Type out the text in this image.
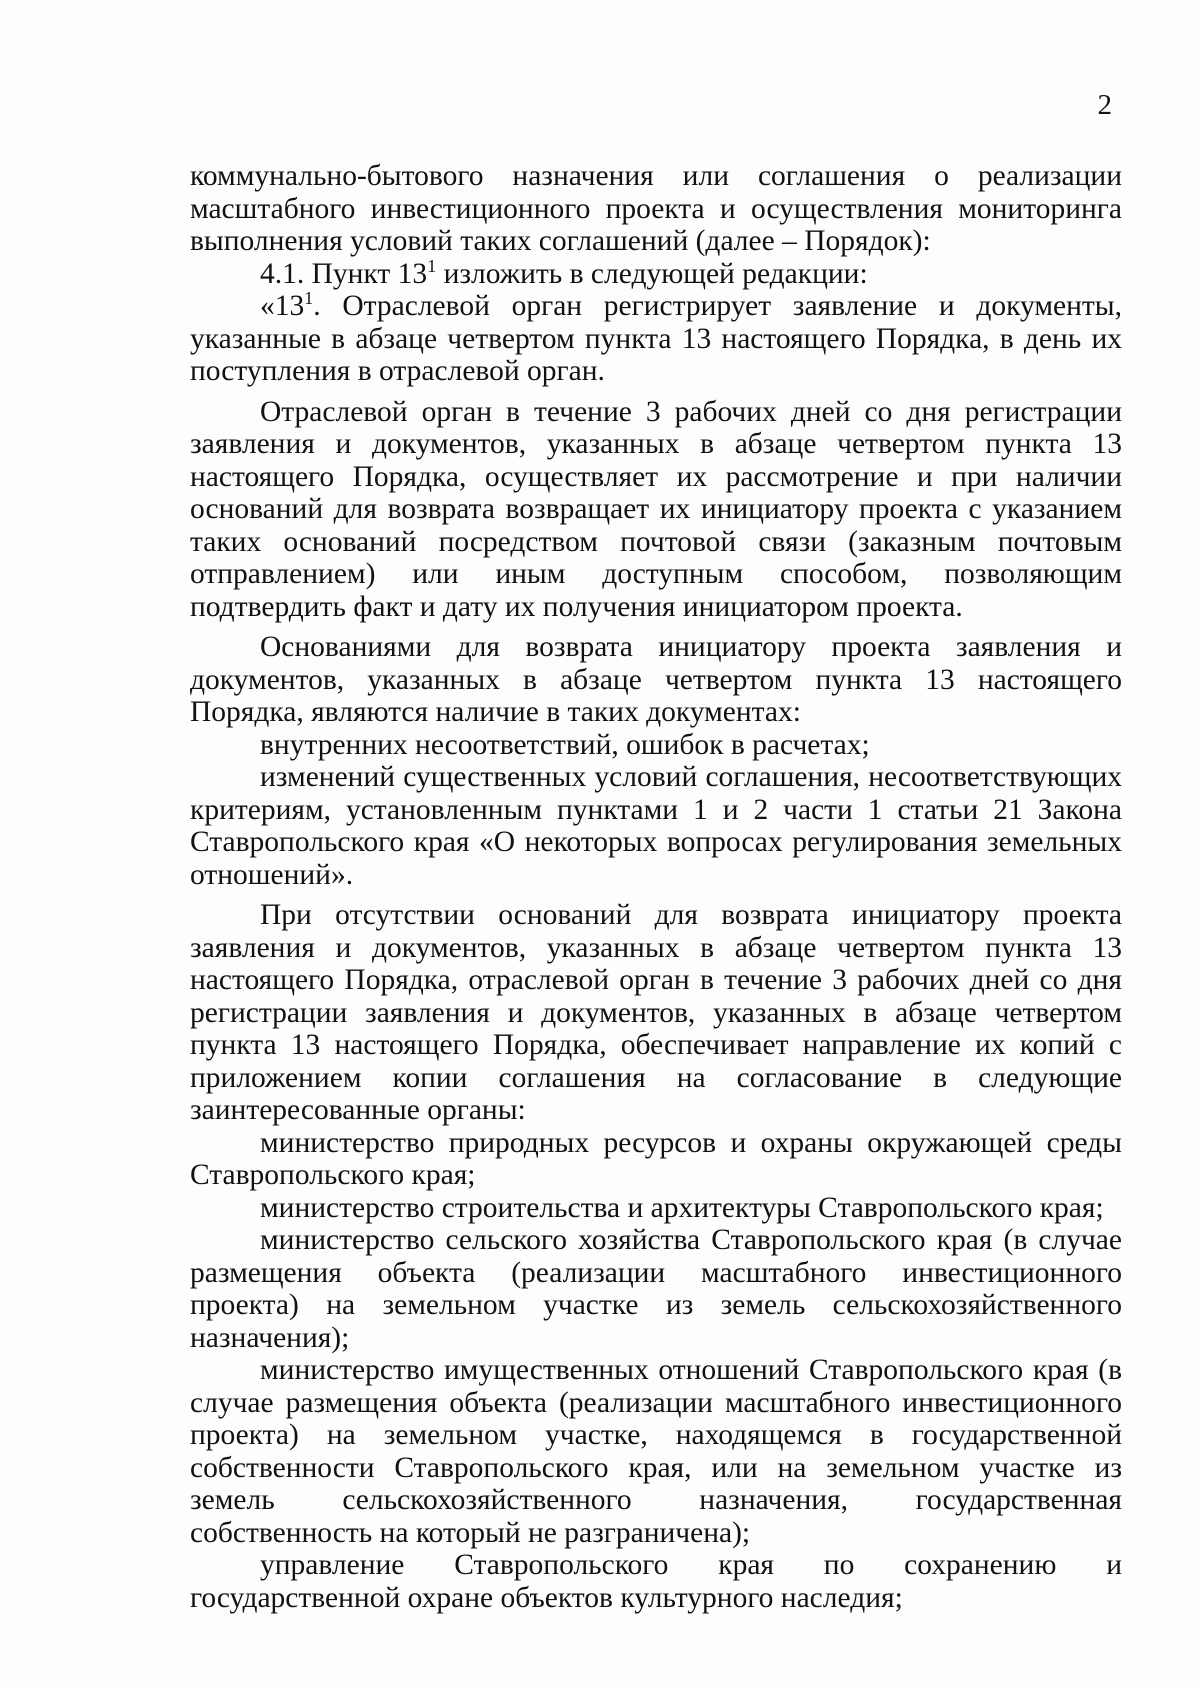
2

коммунально-бытового назначения или соглашения о реализации масштабного инвестиционного проекта и осуществления мониторинга выполнения условий таких соглашений (далее – Порядок):

4.1. Пункт $13^1$ изложить в следующей редакции:

«$13^1$. Отраслевой орган регистрирует заявление и документы, указанные в абзаце четвертом пункта 13 настоящего Порядка, в день их поступления в отраслевой орган.

Отраслевой орган в течение 3 рабочих дней со дня регистрации заявления и документов, указанных в абзаце четвертом пункта 13 настоящего Порядка, осуществляет их рассмотрение и при наличии оснований для возврата возвращает их инициатору проекта с указанием таких оснований посредством почтовой связи (заказным почтовым отправлением) или иным доступным способом, позволяющим подтвердить факт и дату их получения инициатором проекта.

Основаниями для возврата инициатору проекта заявления и документов, указанных в абзаце четвертом пункта 13 настоящего Порядка, являются наличие в таких документах:

внутренних несоответствий, ошибок в расчетах;

изменений существенных условий соглашения, несоответствующих критериям, установленным пунктами 1 и 2 части 1 статьи 21 Закона Ставропольского края «О некоторых вопросах регулирования земельных отношений».

При отсутствии оснований для возврата инициатору проекта заявления и документов, указанных в абзаце четвертом пункта 13 настоящего Порядка, отраслевой орган в течение 3 рабочих дней со дня регистрации заявления и документов, указанных в абзаце четвертом пункта 13 настоящего Порядка, обеспечивает направление их копий с приложением копии соглашения на согласование в следующие заинтересованные органы:

министерство природных ресурсов и охраны окружающей среды Ставропольского края;

министерство строительства и архитектуры Ставропольского края;

министерство сельского хозяйства Ставропольского края (в случае размещения объекта (реализации масштабного инвестиционного проекта) на земельном участке из земель сельскохозяйственного назначения);

министерство имущественных отношений Ставропольского края (в случае размещения объекта (реализации масштабного инвестиционного проекта) на земельном участке, находящемся в государственной собственности Ставропольского края, или на земельном участке из земель сельскохозяйственного назначения, государственная собственность на который не разграничена);

управление Ставропольского края по сохранению и государственной охране объектов культурного наследия;
